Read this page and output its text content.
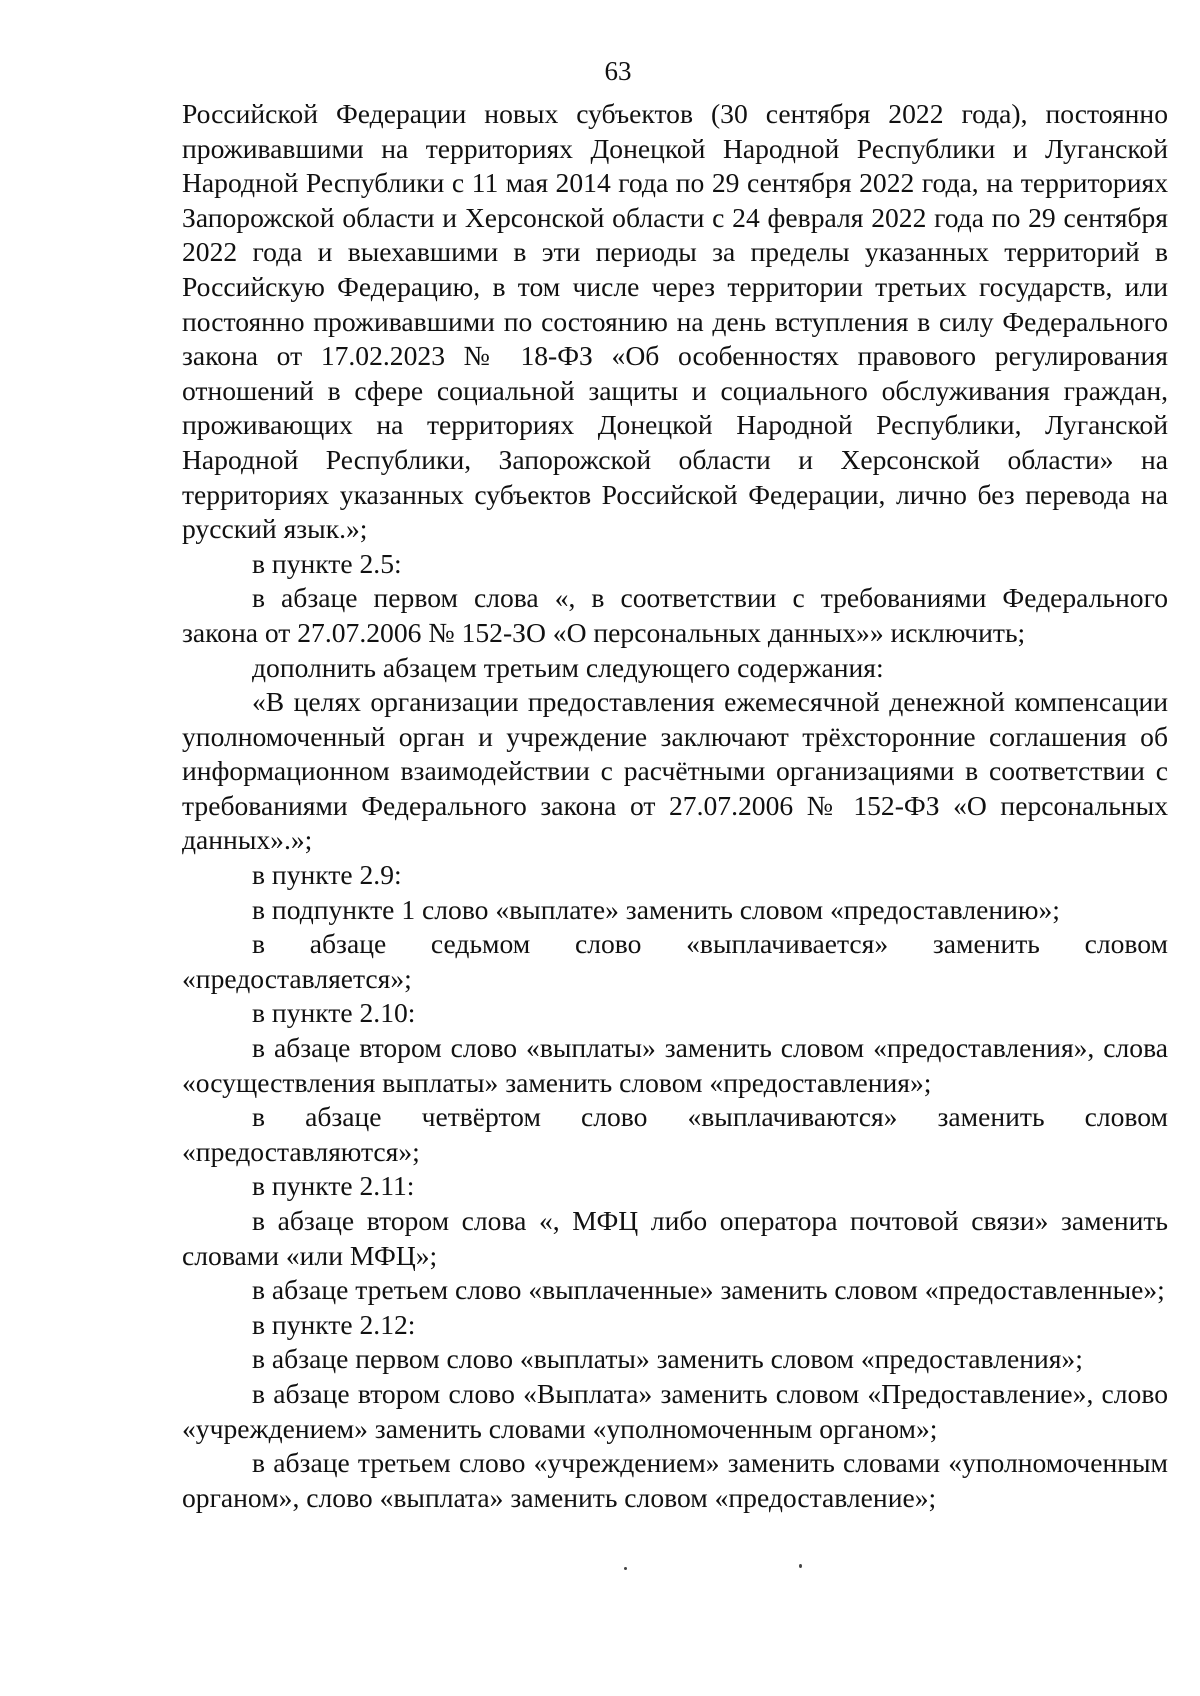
63

Российской Федерации новых субъектов (30 сентября 2022 года), постоянно проживавшими на территориях Донецкой Народной Республики и Луганской Народной Республики с 11 мая 2014 года по 29 сентября 2022 года, на территориях Запорожской области и Херсонской области с 24 февраля 2022 года по 29 сентября 2022 года и выехавшими в эти периоды за пределы указанных территорий в Российскую Федерацию, в том числе через территории третьих государств, или постоянно проживавшими по состоянию на день вступления в силу Федерального закона от 17.02.2023 № 18-ФЗ «Об особенностях правового регулирования отношений в сфере социальной защиты и социального обслуживания граждан, проживающих на территориях Донецкой Народной Республики, Луганской Народной Республики, Запорожской области и Херсонской области» на территориях указанных субъектов Российской Федерации, лично без перевода на русский язык.»;

в пункте 2.5:

в абзаце первом слова «, в соответствии с требованиями Федерального закона от 27.07.2006 № 152-ЗО «О персональных данных»» исключить;

дополнить абзацем третьим следующего содержания:

«В целях организации предоставления ежемесячной денежной компенсации уполномоченный орган и учреждение заключают трёхсторонние соглашения об информационном взаимодействии с расчётными организациями в соответствии с требованиями Федерального закона от 27.07.2006 № 152-ФЗ «О персональных данных».»;

в пункте 2.9:

в подпункте 1 слово «выплате» заменить словом «предоставлению»;

в абзаце седьмом слово «выплачивается» заменить словом «предоставляется»;

в пункте 2.10:

в абзаце втором слово «выплаты» заменить словом «предоставления», слова «осуществления выплаты» заменить словом «предоставления»;

в абзаце четвёртом слово «выплачиваются» заменить словом «предоставляются»;

в пункте 2.11:

в абзаце втором слова «, МФЦ либо оператора почтовой связи» заменить словами «или МФЦ»;

в абзаце третьем слово «выплаченные» заменить словом «предоставленные»;

в пункте 2.12:

в абзаце первом слово «выплаты» заменить словом «предоставления»;

в абзаце втором слово «Выплата» заменить словом «Предоставление», слово «учреждением» заменить словами «уполномоченным органом»;

в абзаце третьем слово «учреждением» заменить словами «уполномоченным органом», слово «выплата» заменить словом «предоставление»;
